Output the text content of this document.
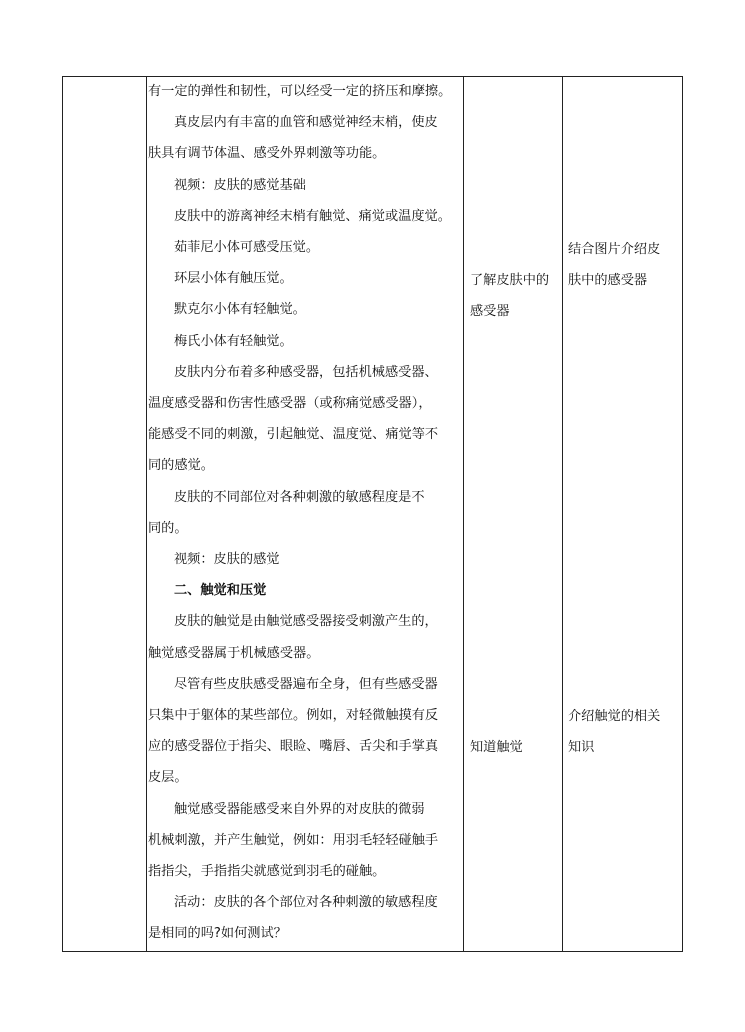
有一定的弹性和韧性，可以经受一定的挤压和摩擦。
真皮层内有丰富的血管和感觉神经末梢，使皮
肤具有调节体温、感受外界刺激等功能。
视频：皮肤的感觉基础
皮肤中的游离神经末梢有触觉、痛觉或温度觉。
茹菲尼小体可感受压觉。
环层小体有触压觉。
默克尔小体有轻触觉。
梅氏小体有轻触觉。
皮肤内分布着多种感受器，包括机械感受器、
温度感受器和伤害性感受器（或称痛觉感受器），
能感受不同的刺激，引起触觉、温度觉、痛觉等不
同的感觉。
皮肤的不同部位对各种刺激的敏感程度是不
同的。
视频：皮肤的感觉
二、触觉和压觉
皮肤的触觉是由触觉感受器接受刺激产生的，
触觉感受器属于机械感受器。
尽管有些皮肤感受器遍布全身，但有些感受器
只集中于躯体的某些部位。例如，对轻微触摸有反
应的感受器位于指尖、眼睑、嘴唇、舌尖和手掌真
皮层。
触觉感受器能感受来自外界的对皮肤的微弱
机械刺激，并产生触觉，例如：用羽毛轻轻碰触手
指指尖，手指指尖就感觉到羽毛的碰触。
活动：皮肤的各个部位对各种刺激的敏感程度
是相同的吗?如何测试？
了解皮肤中的
感受器
知道触觉
结合图片介绍皮
肤中的感受器
介绍触觉的相关
知识
